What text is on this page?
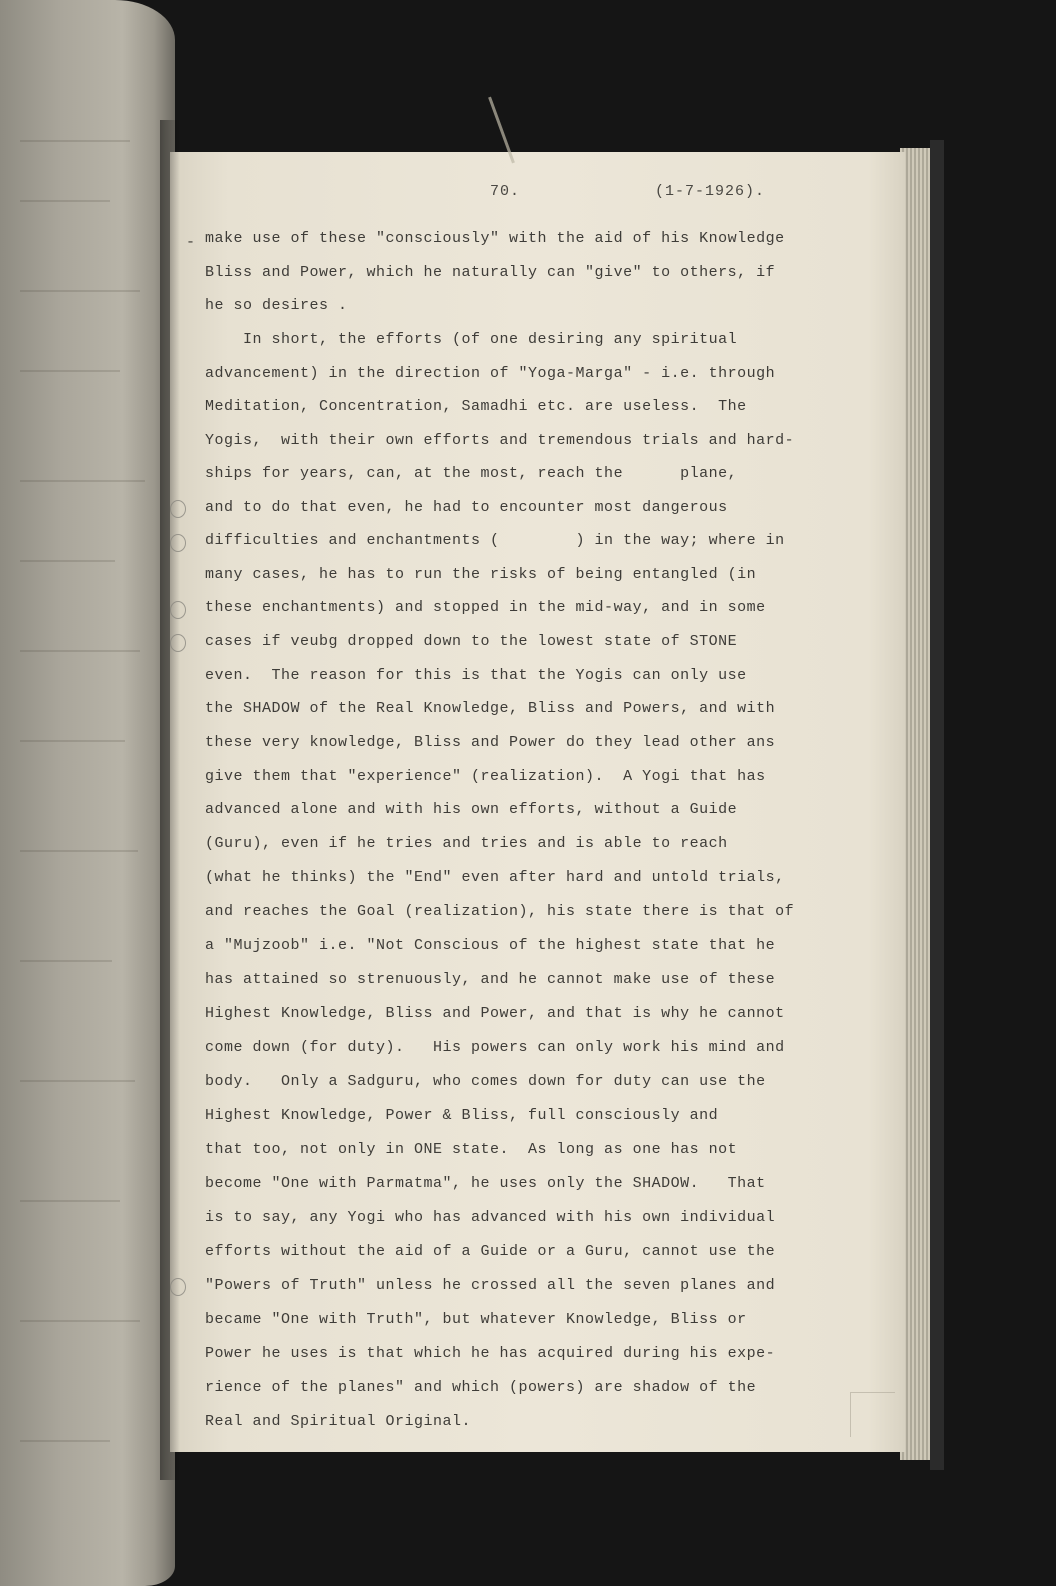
70.	(1-7-1926).
- make use of these "consciously" with the aid of his Knowledge
Bliss and Power, which he naturally can "give" to others, if
he so desires .
In short, the efforts (of one desiring any spiritual
advancement) in the direction of "Yoga-Marga" - i.e. through
Meditation, Concentration, Samadhi etc. are useless.  The
Yogis,  with their own efforts and tremendous trials and hard-
ships for years, can, at the most, reach the      plane,
and to do that even, he had to encounter most dangerous
difficulties and enchantments (        ) in the way; where in
many cases, he has to run the risks of being entangled (in
these enchantments) and stopped in the mid-way, and in some
cases if veubg dropped down to the lowest state of STONE
even.  The reason for this is that the Yogis can only use
the SHADOW of the Real Knowledge, Bliss and Powers, and with
these very knowledge, Bliss and Power do they lead other ans
give them that "experience" (realization).  A Yogi that has
advanced alone and with his own efforts, without a Guide
(Guru), even if he tries and tries and is able to reach
(what he thinks) the "End" even after hard and untold trials,
and reaches the Goal (realization), his state there is that of
a "Mujzoob" i.e. "Not Conscious of the highest state that he
has attained so strenuously, and he cannot make use of these
Highest Knowledge, Bliss and Power, and that is why he cannot
come down (for duty).   His powers can only work his mind and
body.   Only a Sadguru, who comes down for duty can use the
Highest Knowledge, Power & Bliss, full consciously and
that too, not only in ONE state.  As long as one has not
become "One with Parmatma", he uses only the SHADOW.   That
is to say, any Yogi who has advanced with his own individual
efforts without the aid of a Guide or a Guru, cannot use the
"Powers of Truth" unless he crossed all the seven planes and
became "One with Truth", but whatever Knowledge, Bliss or
Power he uses is that which he has acquired during his expe-
rience of the planes" and which (powers) are shadow of the
Real and Spiritual Original.
